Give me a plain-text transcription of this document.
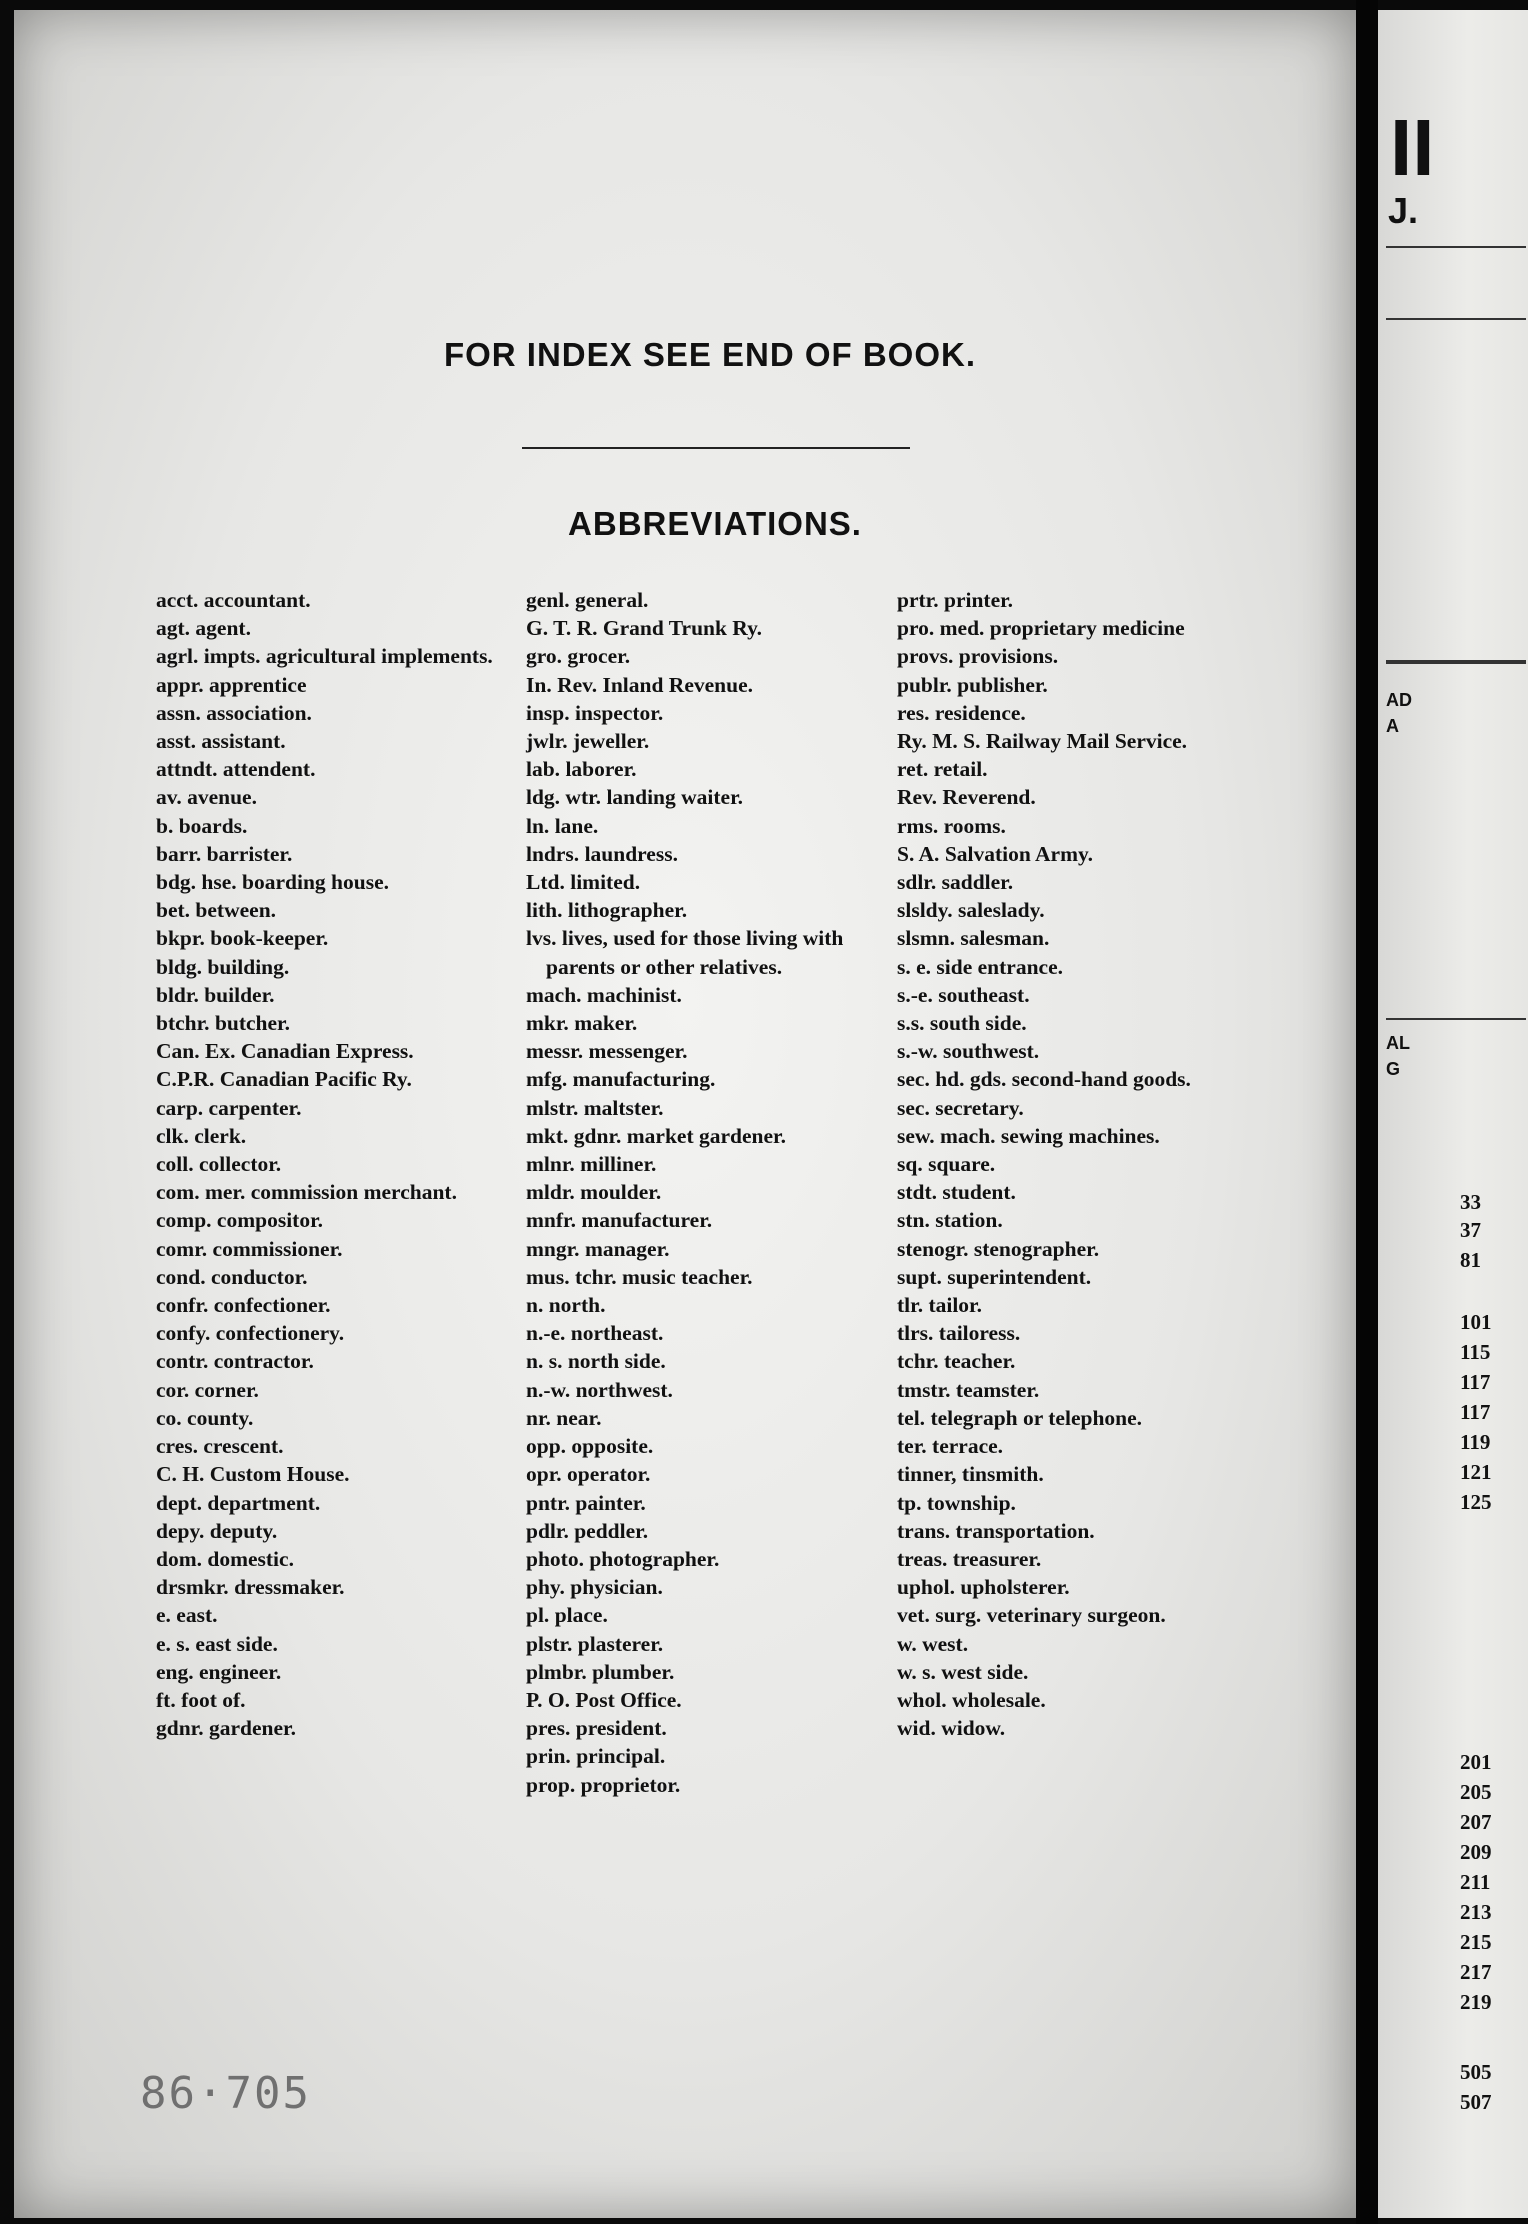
II
J.
AD
A
AL
G
33
37
81
101
115
117
117
119
121
125
201
205
207
209
211
213
215
217
219
505
507
FOR INDEX SEE END OF BOOK.
ABBREVIATIONS.
acct. accountant.
agt. agent.
agrl. impts. agricultural implements.
appr. apprentice
assn. association.
asst. assistant.
attndt. attendent.
av. avenue.
b. boards.
barr. barrister.
bdg. hse. boarding house.
bet. between.
bkpr. book-keeper.
bldg. building.
bldr. builder.
btchr. butcher.
Can. Ex. Canadian Express.
C.P.R. Canadian Pacific Ry.
carp. carpenter.
clk. clerk.
coll. collector.
com. mer. commission merchant.
comp. compositor.
comr. commissioner.
cond. conductor.
confr. confectioner.
confy. confectionery.
contr. contractor.
cor. corner.
co. county.
cres. crescent.
C. H. Custom House.
dept. department.
depy. deputy.
dom. domestic.
drsmkr. dressmaker.
e. east.
e. s. east side.
eng. engineer.
ft. foot of.
gdnr. gardener.
genl. general.
G. T. R. Grand Trunk Ry.
gro. grocer.
In. Rev. Inland Revenue.
insp. inspector.
jwlr. jeweller.
lab. laborer.
ldg. wtr. landing waiter.
ln. lane.
lndrs. laundress.
Ltd. limited.
lith. lithographer.
lvs. lives, used for those living with parents or other relatives.
mach. machinist.
mkr. maker.
messr. messenger.
mfg. manufacturing.
mlstr. maltster.
mkt. gdnr. market gardener.
mlnr. milliner.
mldr. moulder.
mnfr. manufacturer.
mngr. manager.
mus. tchr. music teacher.
n. north.
n.-e. northeast.
n. s. north side.
n.-w. northwest.
nr. near.
opp. opposite.
opr. operator.
pntr. painter.
pdlr. peddler.
photo. photographer.
phy. physician.
pl. place.
plstr. plasterer.
plmbr. plumber.
P. O. Post Office.
pres. president.
prin. principal.
prop. proprietor.
prtr. printer.
pro. med. proprietary medicine
provs. provisions.
publr. publisher.
res. residence.
Ry. M. S. Railway Mail Service.
ret. retail.
Rev. Reverend.
rms. rooms.
S. A. Salvation Army.
sdlr. saddler.
slsldy. saleslady.
slsmn. salesman.
s. e. side entrance.
s.-e. southeast.
s.s. south side.
s.-w. southwest.
sec. hd. gds. second-hand goods.
sec. secretary.
sew. mach. sewing machines.
sq. square.
stdt. student.
stn. station.
stenogr. stenographer.
supt. superintendent.
tlr. tailor.
tlrs. tailoress.
tchr. teacher.
tmstr. teamster.
tel. telegraph or telephone.
ter. terrace.
tinner, tinsmith.
tp. township.
trans. transportation.
treas. treasurer.
uphol. upholsterer.
vet. surg. veterinary surgeon.
w. west.
w. s. west side.
whol. wholesale.
wid. widow.
86·705
